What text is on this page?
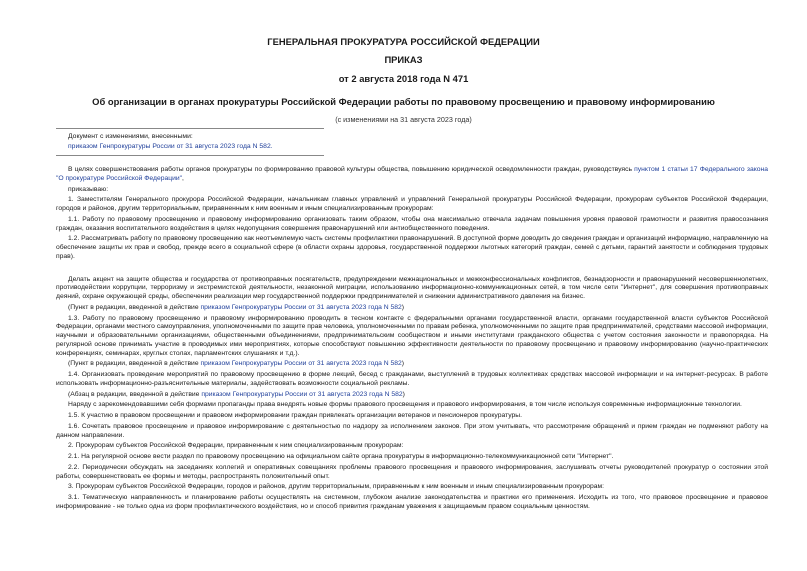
ГЕНЕРАЛЬНАЯ ПРОКУРАТУРА РОССИЙСКОЙ ФЕДЕРАЦИИ
ПРИКАЗ
от 2 августа 2018 года N 471
Об организации в органах прокуратуры Российской Федерации работы по правовому просвещению и правовому информированию
(с изменениями на 31 августа 2023 года)
Документ с изменениями, внесенными:
приказом Генпрокуратуры России от 31 августа 2023 года N 582.

В целях совершенствования работы органов прокуратуры по формированию правовой культуры общества, повышению юридической осведомленности граждан, руководствуясь пунктом 1 статьи 17 Федерального закона "О прокуратуре Российской Федерации",

приказываю:

1. Заместителям Генерального прокурора Российской Федерации, начальникам главных управлений и управлений Генеральной прокуратуры Российской Федерации, прокурорам субъектов Российской Федерации, городов и районов, другим территориальным, приравненным к ним военным и иным специализированным прокурорам:

1.1. Работу по правовому просвещению и правовому информированию организовать таким образом, чтобы она максимально отвечала задачам повышения уровня правовой грамотности и развития правосознания граждан, оказания воспитательного воздействия в целях недопущения совершения правонарушений или антиобщественного поведения.

1.2. Рассматривать работу по правовому просвещению как неотъемлемую часть системы профилактики правонарушений. В доступной форме доводить до сведения граждан и организаций информацию, направленную на обеспечение защиты их прав и свобод, прежде всего в социальной сфере (в области охраны здоровья, государственной поддержки льготных категорий граждан, семей с детьми, гарантий занятости и соблюдения трудовых прав).

Делать акцент на защите общества и государства от противоправных посягательств, предупреждении межнациональных и межконфессиональных конфликтов, безнадзорности и правонарушений несовершеннолетних, противодействии коррупции, терроризму и экстремистской деятельности, незаконной миграции, использованию информационно-коммуникационных сетей, в том числе сети "Интернет", для совершения противоправных деяний, охране окружающей среды, обеспечении реализации мер государственной поддержки предпринимателей и снижении административного давления на бизнес.

(Пункт в редакции, введенной в действие приказом Генпрокуратуры России от 31 августа 2023 года N 582)

1.3. Работу по правовому просвещению и правовому информированию проводить в тесном контакте с федеральными органами государственной власти, органами государственной власти субъектов Российской Федерации, органами местного самоуправления, уполномоченными по защите прав человека, уполномоченными по правам ребенка, уполномоченными по защите прав предпринимателей, средствами массовой информации, научными и образовательными организациями, общественными объединениями, предпринимательским сообществом и иными институтами гражданского общества с учетом состояния законности и правопорядка. На регулярной основе принимать участие в проводимых ими мероприятиях, которые способствуют повышению эффективности деятельности по правовому просвещению и правовому информированию (научно-практических конференциях, семинарах, круглых столах, парламентских слушаниях и т.д.).

(Пункт в редакции, введенной в действие приказом Генпрокуратуры России от 31 августа 2023 года N 582)

1.4. Организовать проведение мероприятий по правовому просвещению в форме лекций, бесед с гражданами, выступлений в трудовых коллективах средствах массовой информации и на интернет-ресурсах. В работе использовать информационно-разъяснительные материалы, задействовать возможности социальной рекламы.

(Абзац в редакции, введенной в действие приказом Генпрокуратуры России от 31 августа 2023 года N 582)

Наряду с зарекомендовавшими себя формами пропаганды права внедрять новые формы правового просвещения и правового информирования, в том числе используя современные информационные технологии.

1.5. К участию в правовом просвещении и правовом информировании граждан привлекать организации ветеранов и пенсионеров прокуратуры.

1.6. Сочетать правовое просвещение и правовое информирование с деятельностью по надзору за исполнением законов. При этом учитывать, что рассмотрение обращений и прием граждан не подменяют работу на данном направлении.

2. Прокурорам субъектов Российской Федерации, приравненным к ним специализированным прокурорам:

2.1. На регулярной основе вести раздел по правовому просвещению на официальном сайте органа прокуратуры в информационно-телекоммуникационной сети "Интернет".

2.2. Периодически обсуждать на заседаниях коллегий и оперативных совещаниях проблемы правового просвещения и правового информирования, заслушивать отчеты руководителей прокуратур о состоянии этой работы, совершенствовать ее формы и методы, распространять положительный опыт.

3. Прокурорам субъектов Российской Федерации, городов и районов, другим территориальным, приравненным к ним военным и иным специализированным прокурорам:

3.1. Тематическую направленность и планирование работы осуществлять на системном, глубоком анализе законодательства и практики его применения. Исходить из того, что правовое просвещение и правовое информирование - не только одна из форм профилактического воздействия, но и способ привития гражданам уважения к защищаемым правом социальным ценностям.
